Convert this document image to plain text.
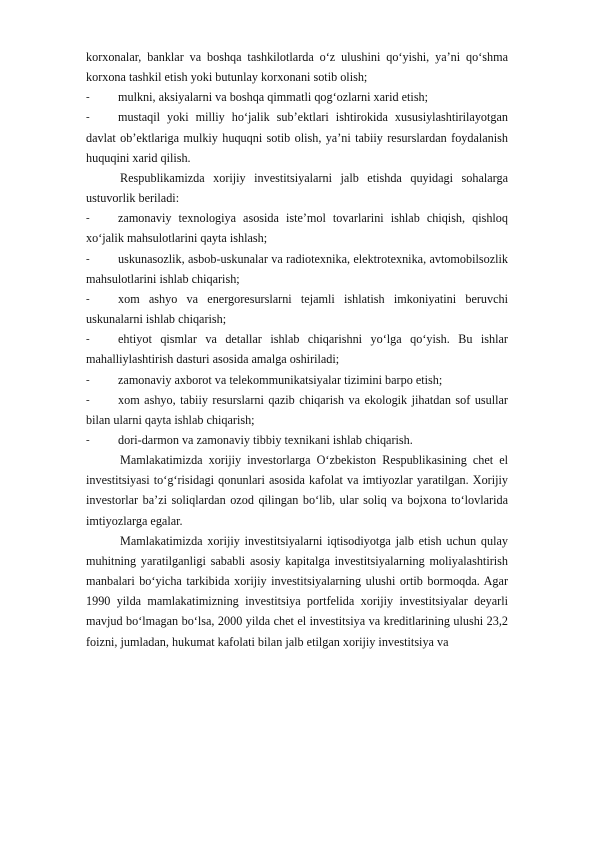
korxonalar, banklar va boshqa tashkilotlarda o‘z ulushini qo‘yishi, ya’ni qo‘shma korxona tashkil etish yoki butunlay korxonani sotib olish;

- mulkni, aksiyalarni va boshqa qimmatli qog‘ozlarni xarid etish;

- mustaqil yoki milliy ho‘jalik sub’ektlari ishtirokida xususiylashtirilayotgan davlat ob’ektlariga mulkiy huquqni sotib olish, ya’ni tabiiy resurslardan foydalanish huquqini xarid qilish.

Respublikamizda xorijiy investitsiyalarni jalb etishda quyidagi sohalarga ustuvorlik beriladi:

- zamonaviy texnologiya asosida iste’mol tovarlarini ishlab chiqish, qishloq xo‘jalik mahsulotlarini qayta ishlash;

- uskunasozlik, asbob-uskunalar va radiotexnika, elektrotexnika, avtomobilsozlik mahsulotlarini ishlab chiqarish;

- xom ashyo va energoresurslarni tejamli ishlatish imkoniyatini beruvchi uskunalarni ishlab chiqarish;

- ehtiyot qismlar va detallar ishlab chiqarishni yo‘lga qo‘yish. Bu ishlar mahalliylashtirish dasturi asosida amalga oshiriladi;

- zamonaviy axborot va telekommunikatsiyalar tizimini barpo etish;

- xom ashyo, tabiiy resurslarni qazib chiqarish va ekologik jihatdan sof usullar bilan ularni qayta ishlab chiqarish;

- dori-darmon va zamonaviy tibbiy texnikani ishlab chiqarish.

Mamlakatimizda xorijiy investorlarga O‘zbekiston Respublikasining chet el investitsiyasi to‘g‘risidagi qonunlari asosida kafolat va imtiyozlar yaratilgan. Xorijiy investorlar ba’zi soliqlardan ozod qilingan bo‘lib, ular soliq va bojxona to‘lovlarida imtiyozlarga egalar.

Mamlakatimizda xorijiy investitsiyalarni iqtisodiyotga jalb etish uchun qulay muhitning yaratilganligi sababli asosiy kapitalga investitsiyalarning moliyalashtirish manbalari bo‘yicha tarkibida xorijiy investitsiyalarning ulushi ortib bormoqda. Agar 1990 yilda mamlakatimizning investitsiya portfelida xorijiy investitsiyalar deyarli mavjud bo‘lmagan bo‘lsa, 2000 yilda chet el investitsiya va kreditlarining ulushi 23,2 foizni, jumladan, hukumat kafolati bilan jalb etilgan xorijiy investitsiya va
